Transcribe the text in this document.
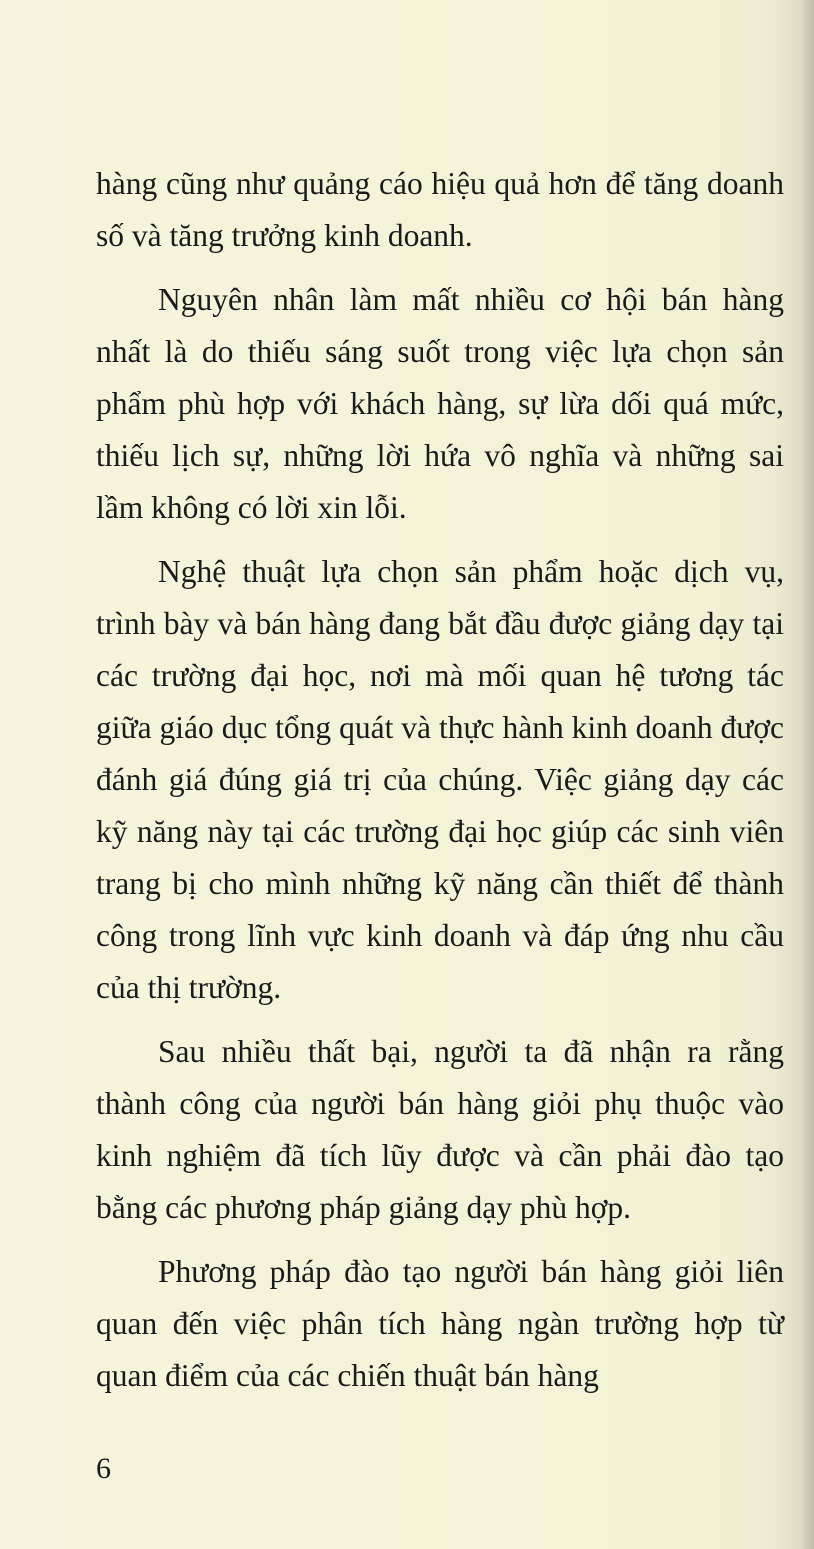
hàng cũng như quảng cáo hiệu quả hơn để tăng doanh số và tăng trưởng kinh doanh.

Nguyên nhân làm mất nhiều cơ hội bán hàng nhất là do thiếu sáng suốt trong việc lựa chọn sản phẩm phù hợp với khách hàng, sự lừa dối quá mức, thiếu lịch sự, những lời hứa vô nghĩa và những sai lầm không có lời xin lỗi.

Nghệ thuật lựa chọn sản phẩm hoặc dịch vụ, trình bày và bán hàng đang bắt đầu được giảng dạy tại các trường đại học, nơi mà mối quan hệ tương tác giữa giáo dục tổng quát và thực hành kinh doanh được đánh giá đúng giá trị của chúng. Việc giảng dạy các kỹ năng này tại các trường đại học giúp các sinh viên trang bị cho mình những kỹ năng cần thiết để thành công trong lĩnh vực kinh doanh và đáp ứng nhu cầu của thị trường.

Sau nhiều thất bại, người ta đã nhận ra rằng thành công của người bán hàng giỏi phụ thuộc vào kinh nghiệm đã tích lũy được và cần phải đào tạo bằng các phương pháp giảng dạy phù hợp.

Phương pháp đào tạo người bán hàng giỏi liên quan đến việc phân tích hàng ngàn trường hợp từ quan điểm của các chiến thuật bán hàng

6
